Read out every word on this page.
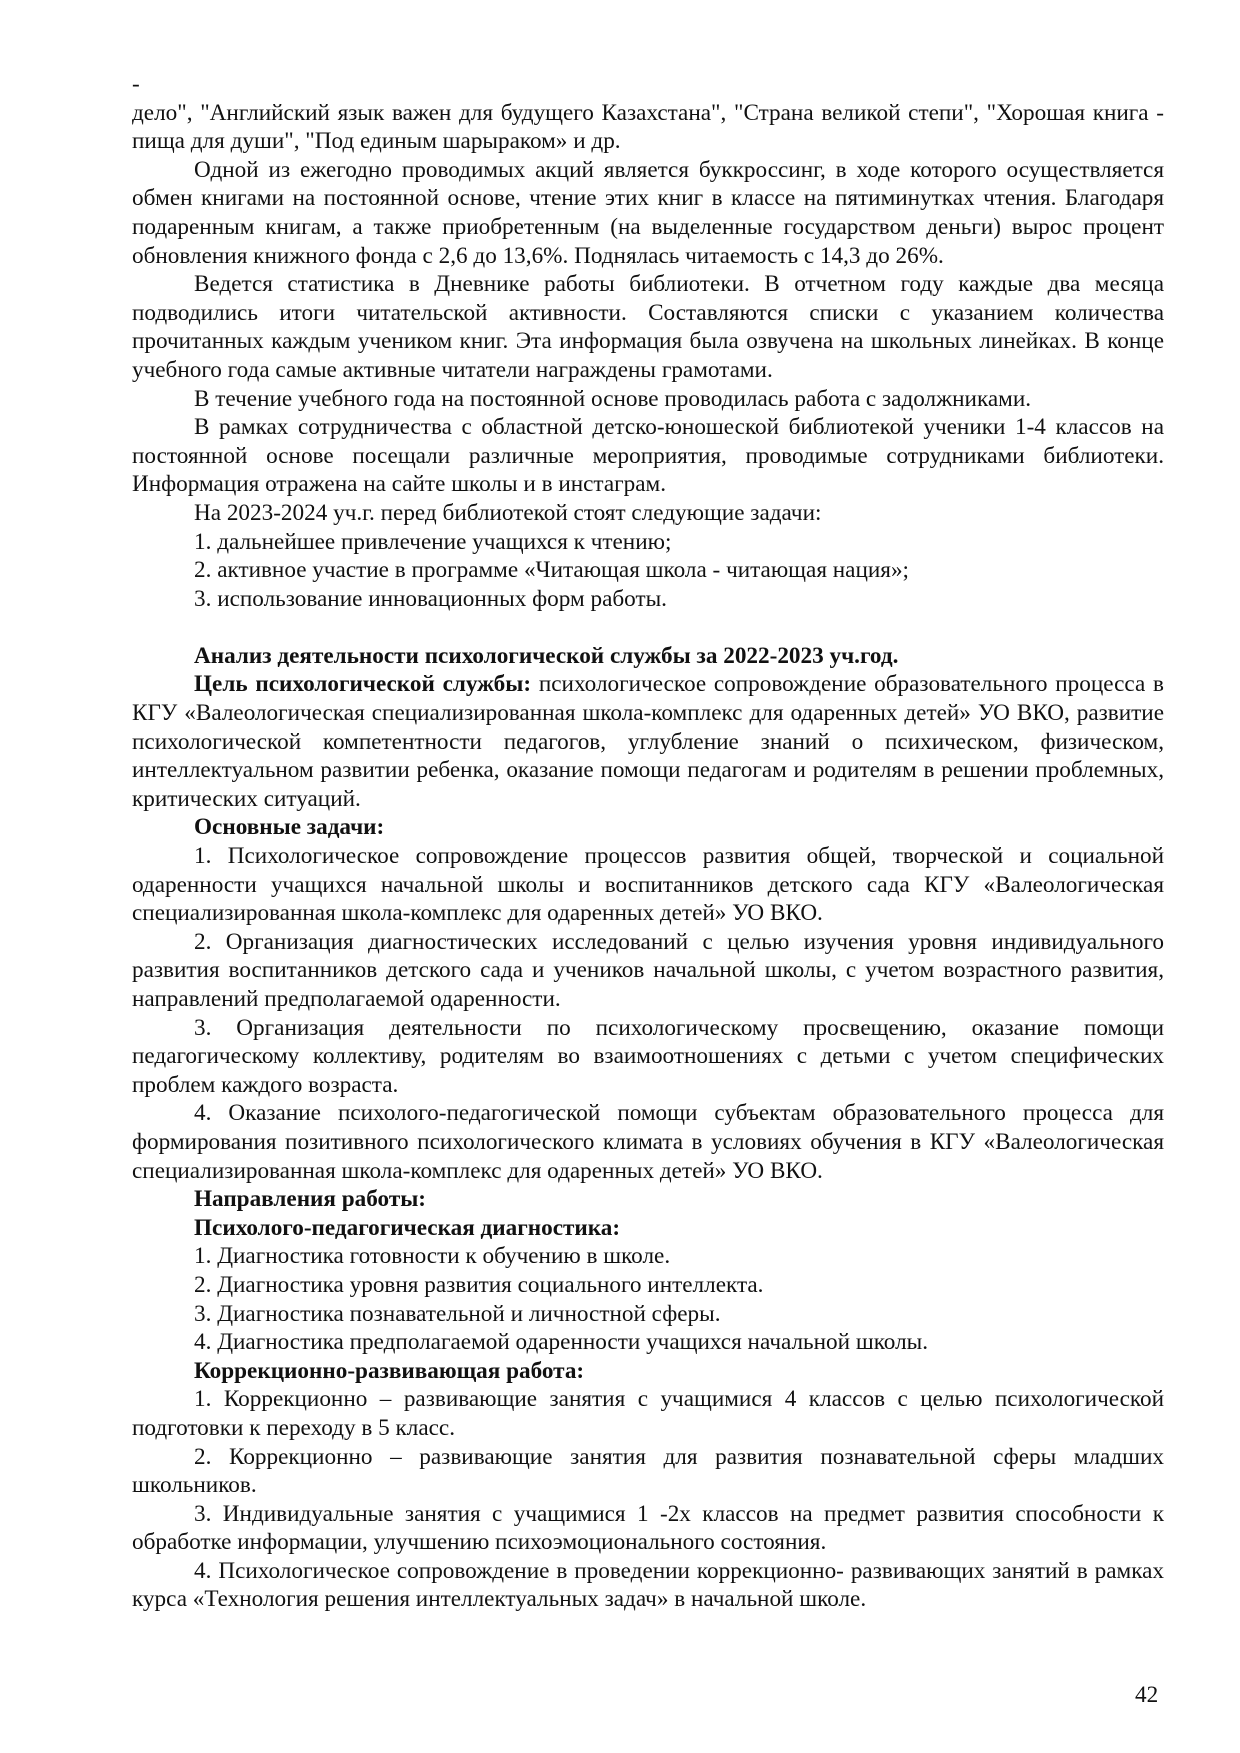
-

дело", "Английский язык важен для будущего Казахстана", "Страна великой степи", "Хорошая книга - пища для души", "Под единым шарыраком» и др.

Одной из ежегодно проводимых акций является буккроссинг, в ходе которого осуществляется обмен книгами на постоянной основе, чтение этих книг в классе на пятиминутках чтения. Благодаря подаренным книгам, а также приобретенным (на выделенные государством деньги) вырос процент обновления книжного фонда с 2,6 до 13,6%. Поднялась читаемость с 14,3 до 26%.

Ведется статистика в Дневнике работы библиотеки. В отчетном году каждые два месяца подводились итоги читательской активности. Составляются списки с указанием количества прочитанных каждым учеником книг. Эта информация была озвучена на школьных линейках. В конце учебного года самые активные читатели награждены грамотами.

В течение учебного года на постоянной основе проводилась работа с задолжниками.

В рамках сотрудничества с областной детско-юношеской библиотекой ученики 1-4 классов на постоянной основе посещали различные мероприятия, проводимые сотрудниками библиотеки. Информация отражена на сайте школы и в инстаграм.

На 2023-2024 уч.г. перед библиотекой стоят следующие задачи:

1. дальнейшее привлечение учащихся к чтению;

2. активное участие в программе «Читающая школа - читающая нация»;

3. использование инновационных форм работы.

Анализ деятельности психологической службы за 2022-2023 уч.год.

Цель психологической службы: психологическое сопровождение образовательного процесса в КГУ «Валеологическая специализированная школа-комплекс для одаренных детей» УО ВКО, развитие психологической компетентности педагогов, углубление знаний о психическом, физическом, интеллектуальном развитии ребенка, оказание помощи педагогам и родителям в решении проблемных, критических ситуаций.

Основные задачи:

1. Психологическое сопровождение процессов развития общей, творческой и социальной одаренности учащихся начальной школы и воспитанников детского сада КГУ «Валеологическая специализированная школа-комплекс для одаренных детей» УО ВКО.

2. Организация диагностических исследований с целью изучения уровня индивидуального развития воспитанников детского сада и учеников начальной школы, с учетом возрастного развития, направлений предполагаемой одаренности.

3. Организация деятельности по психологическому просвещению, оказание помощи педагогическому коллективу, родителям во взаимоотношениях с детьми с учетом специфических проблем каждого возраста.

4. Оказание психолого-педагогической помощи субъектам образовательного процесса для формирования позитивного психологического климата в условиях обучения в КГУ «Валеологическая специализированная школа-комплекс для одаренных детей» УО ВКО.

Направления работы:

Психолого-педагогическая диагностика:

1. Диагностика готовности к обучению в школе.

2. Диагностика уровня развития социального интеллекта.

3. Диагностика познавательной и личностной сферы.

4. Диагностика предполагаемой одаренности учащихся начальной школы.

Коррекционно-развивающая работа:

1. Коррекционно – развивающие занятия с учащимися 4 классов с целью психологической подготовки к переходу в 5 класс.

2. Коррекционно – развивающие занятия для развития познавательной сферы младших школьников.

3. Индивидуальные занятия с учащимися 1 -2х классов на предмет развития способности к обработке информации, улучшению психоэмоционального состояния.

4. Психологическое сопровождение в проведении коррекционно- развивающих занятий в рамках курса «Технология решения интеллектуальных задач» в начальной школе.

42
